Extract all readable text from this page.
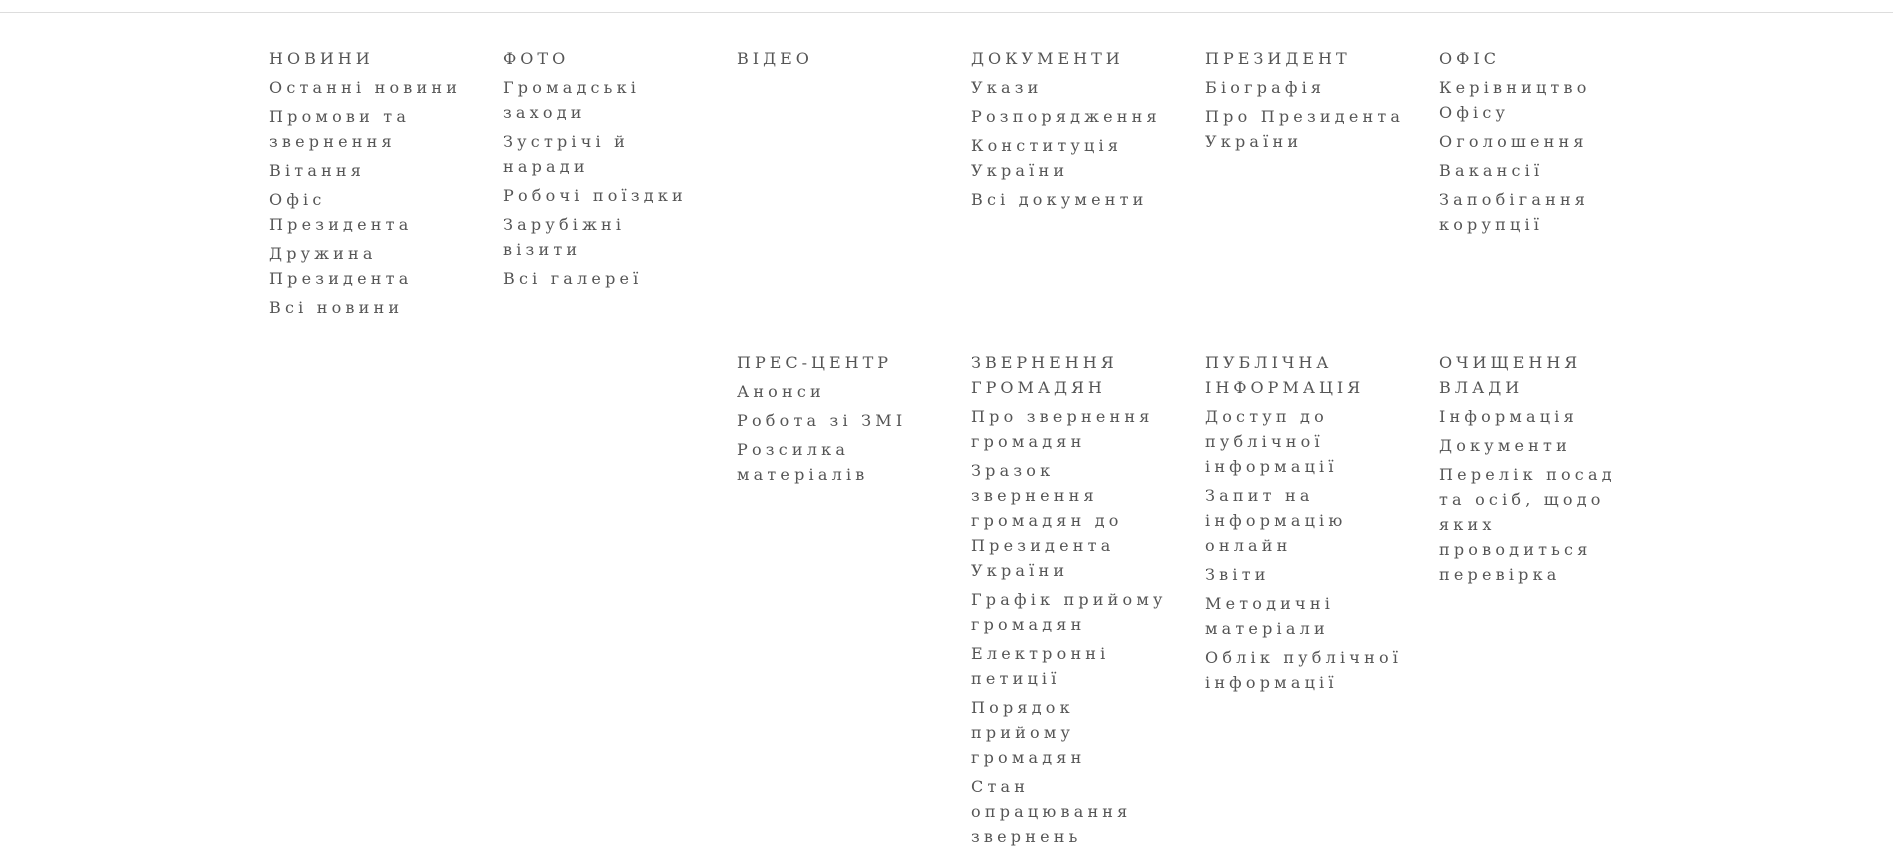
НОВИНИ
Останні новини
Промови та звернення
Вітання
Офіс Президента
Дружина Президента
Всі новини
ФОТО
Громадські заходи
Зустрічі й наради
Робочі поїздки
Зарубіжні візити
Всі галереї
ВІДЕО	ДОКУМЕНТИ
Укази
Розпорядження
Конституція України
Всі документи
ПРЕЗИДЕНТ
Біографія
Про Президента України
ОФІС
Керівництво Офісу
Оголошення
Вакансії
Запобігання корупції
ПРЕС-ЦЕНТР
Анонси
Робота зі ЗМІ
Розсилка матеріалів
ЗВЕРНЕННЯ ГРОМАДЯН
Про звернення громадян
Зразок звернення громадян до Президента України
Графік прийому громадян
Електронні петиції
Порядок прийому громадян
Стан опрацювання звернень
ПУБЛІЧНА ІНФОРМАЦІЯ
Доступ до публічної інформації
Запит на інформацію онлайн
Звіти
Методичні матеріали
Облік публічної інформації
ОЧИЩЕННЯ ВЛАДИ
Інформація
Документи
Перелік посад та осіб, щодо яких проводиться перевірка
